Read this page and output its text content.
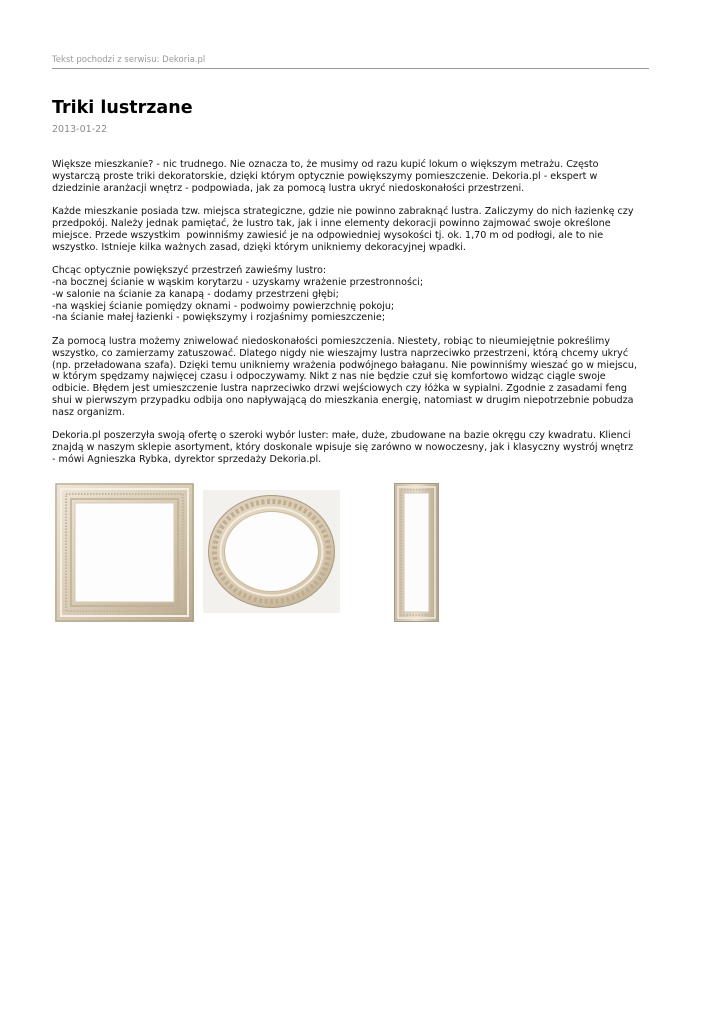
Tekst pochodzi z serwisu: Dekoria.pl
Triki lustrzane
2013-01-22
Większe mieszkanie? - nic trudnego. Nie oznacza to, że musimy od razu kupić lokum o większym metrażu. Często
wystarczą proste triki dekoratorskie, dzięki którym optycznie powiększymy pomieszczenie. Dekoria.pl - ekspert w
dziedzinie aranżacji wnętrz - podpowiada, jak za pomocą lustra ukryć niedoskonałości przestrzeni.
Każde mieszkanie posiada tzw. miejsca strategiczne, gdzie nie powinno zabraknąć lustra. Zaliczymy do nich łazienkę czy
przedpokój. Należy jednak pamiętać, że lustro tak, jak i inne elementy dekoracji powinno zajmować swoje określone
miejsce. Przede wszystkim  powinniśmy zawiesić je na odpowiedniej wysokości tj. ok. 1,70 m od podłogi, ale to nie
wszystko. Istnieje kilka ważnych zasad, dzięki którym unikniemy dekoracyjnej wpadki.
Chcąc optycznie powiększyć przestrzeń zawieśmy lustro:
-na bocznej ścianie w wąskim korytarzu - uzyskamy wrażenie przestronności;
-w salonie na ścianie za kanapą - dodamy przestrzeni głębi;
-na wąskiej ścianie pomiędzy oknami - podwoimy powierzchnię pokoju;
-na ścianie małej łazienki - powiększymy i rozjaśnimy pomieszczenie;
Za pomocą lustra możemy zniwelować niedoskonałości pomieszczenia. Niestety, robiąc to nieumiejętnie pokreślimy
wszystko, co zamierzamy zatuszować. Dlatego nigdy nie wieszajmy lustra naprzeciwko przestrzeni, którą chcemy ukryć
(np. przeładowana szafa). Dzięki temu unikniemy wrażenia podwójnego bałaganu. Nie powinniśmy wieszać go w miejscu,
w którym spędzamy najwięcej czasu i odpoczywamy. Nikt z nas nie będzie czuł się komfortowo widząc ciągle swoje
odbicie. Błędem jest umieszczenie lustra naprzeciwko drzwi wejściowych czy łóżka w sypialni. Zgodnie z zasadami feng
shui w pierwszym przypadku odbija ono napływającą do mieszkania energię, natomiast w drugim niepotrzebnie pobudza
nasz organizm.
Dekoria.pl poszerzyła swoją ofertę o szeroki wybór luster: małe, duże, zbudowane na bazie okręgu czy kwadratu. Klienci
znajdą w naszym sklepie asortyment, który doskonale wpisuje się zarówno w nowoczesny, jak i klasyczny wystrój wnętrz
- mówi Agnieszka Rybka, dyrektor sprzedaży Dekoria.pl.
